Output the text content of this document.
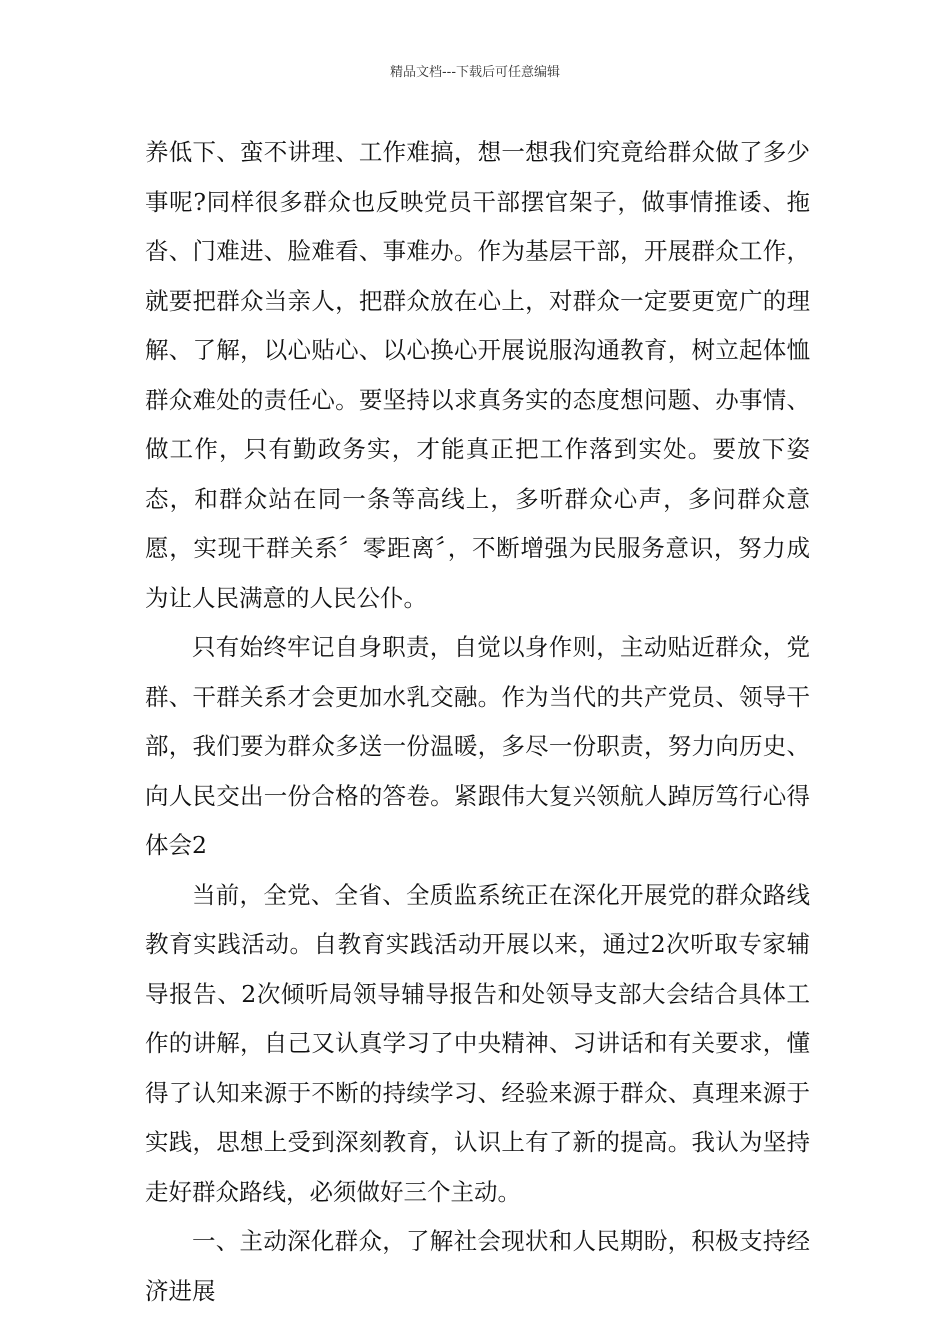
精品文档---下载后可任意编辑

养低下、蛮不讲理、工作难搞，想一想我们究竟给群众做了多少事呢?同样很多群众也反映党员干部摆官架子，做事情推诿、拖沓、门难进、脸难看、事难办。作为基层干部，开展群众工作，就要把群众当亲人，把群众放在心上，对群众一定要更宽广的理解、了解，以心贴心、以心换心开展说服沟通教育，树立起体恤群众难处的责任心。要坚持以求真务实的态度想问题、办事情、做工作，只有勤政务实，才能真正把工作落到实处。要放下姿态，和群众站在同一条等高线上，多听群众心声，多问群众意愿，实现干群关系〞零距离〞，不断增强为民服务意识，努力成为让人民满意的人民公仆。

只有始终牢记自身职责，自觉以身作则，主动贴近群众，党群、干群关系才会更加水乳交融。作为当代的共产党员、领导干部，我们要为群众多送一份温暖，多尽一份职责，努力向历史、向人民交出一份合格的答卷。紧跟伟大复兴领航人踔厉笃行心得体会2

当前，全党、全省、全质监系统正在深化开展党的群众路线教育实践活动。自教育实践活动开展以来，通过2次听取专家辅导报告、2次倾听局领导辅导报告和处领导支部大会结合具体工作的讲解，自己又认真学习了中央精神、习讲话和有关要求，懂得了认知来源于不断的持续学习、经验来源于群众、真理来源于实践，思想上受到深刻教育，认识上有了新的提高。我认为坚持走好群众路线，必须做好三个主动。

一、主动深化群众，了解社会现状和人民期盼，积极支持经济进展
